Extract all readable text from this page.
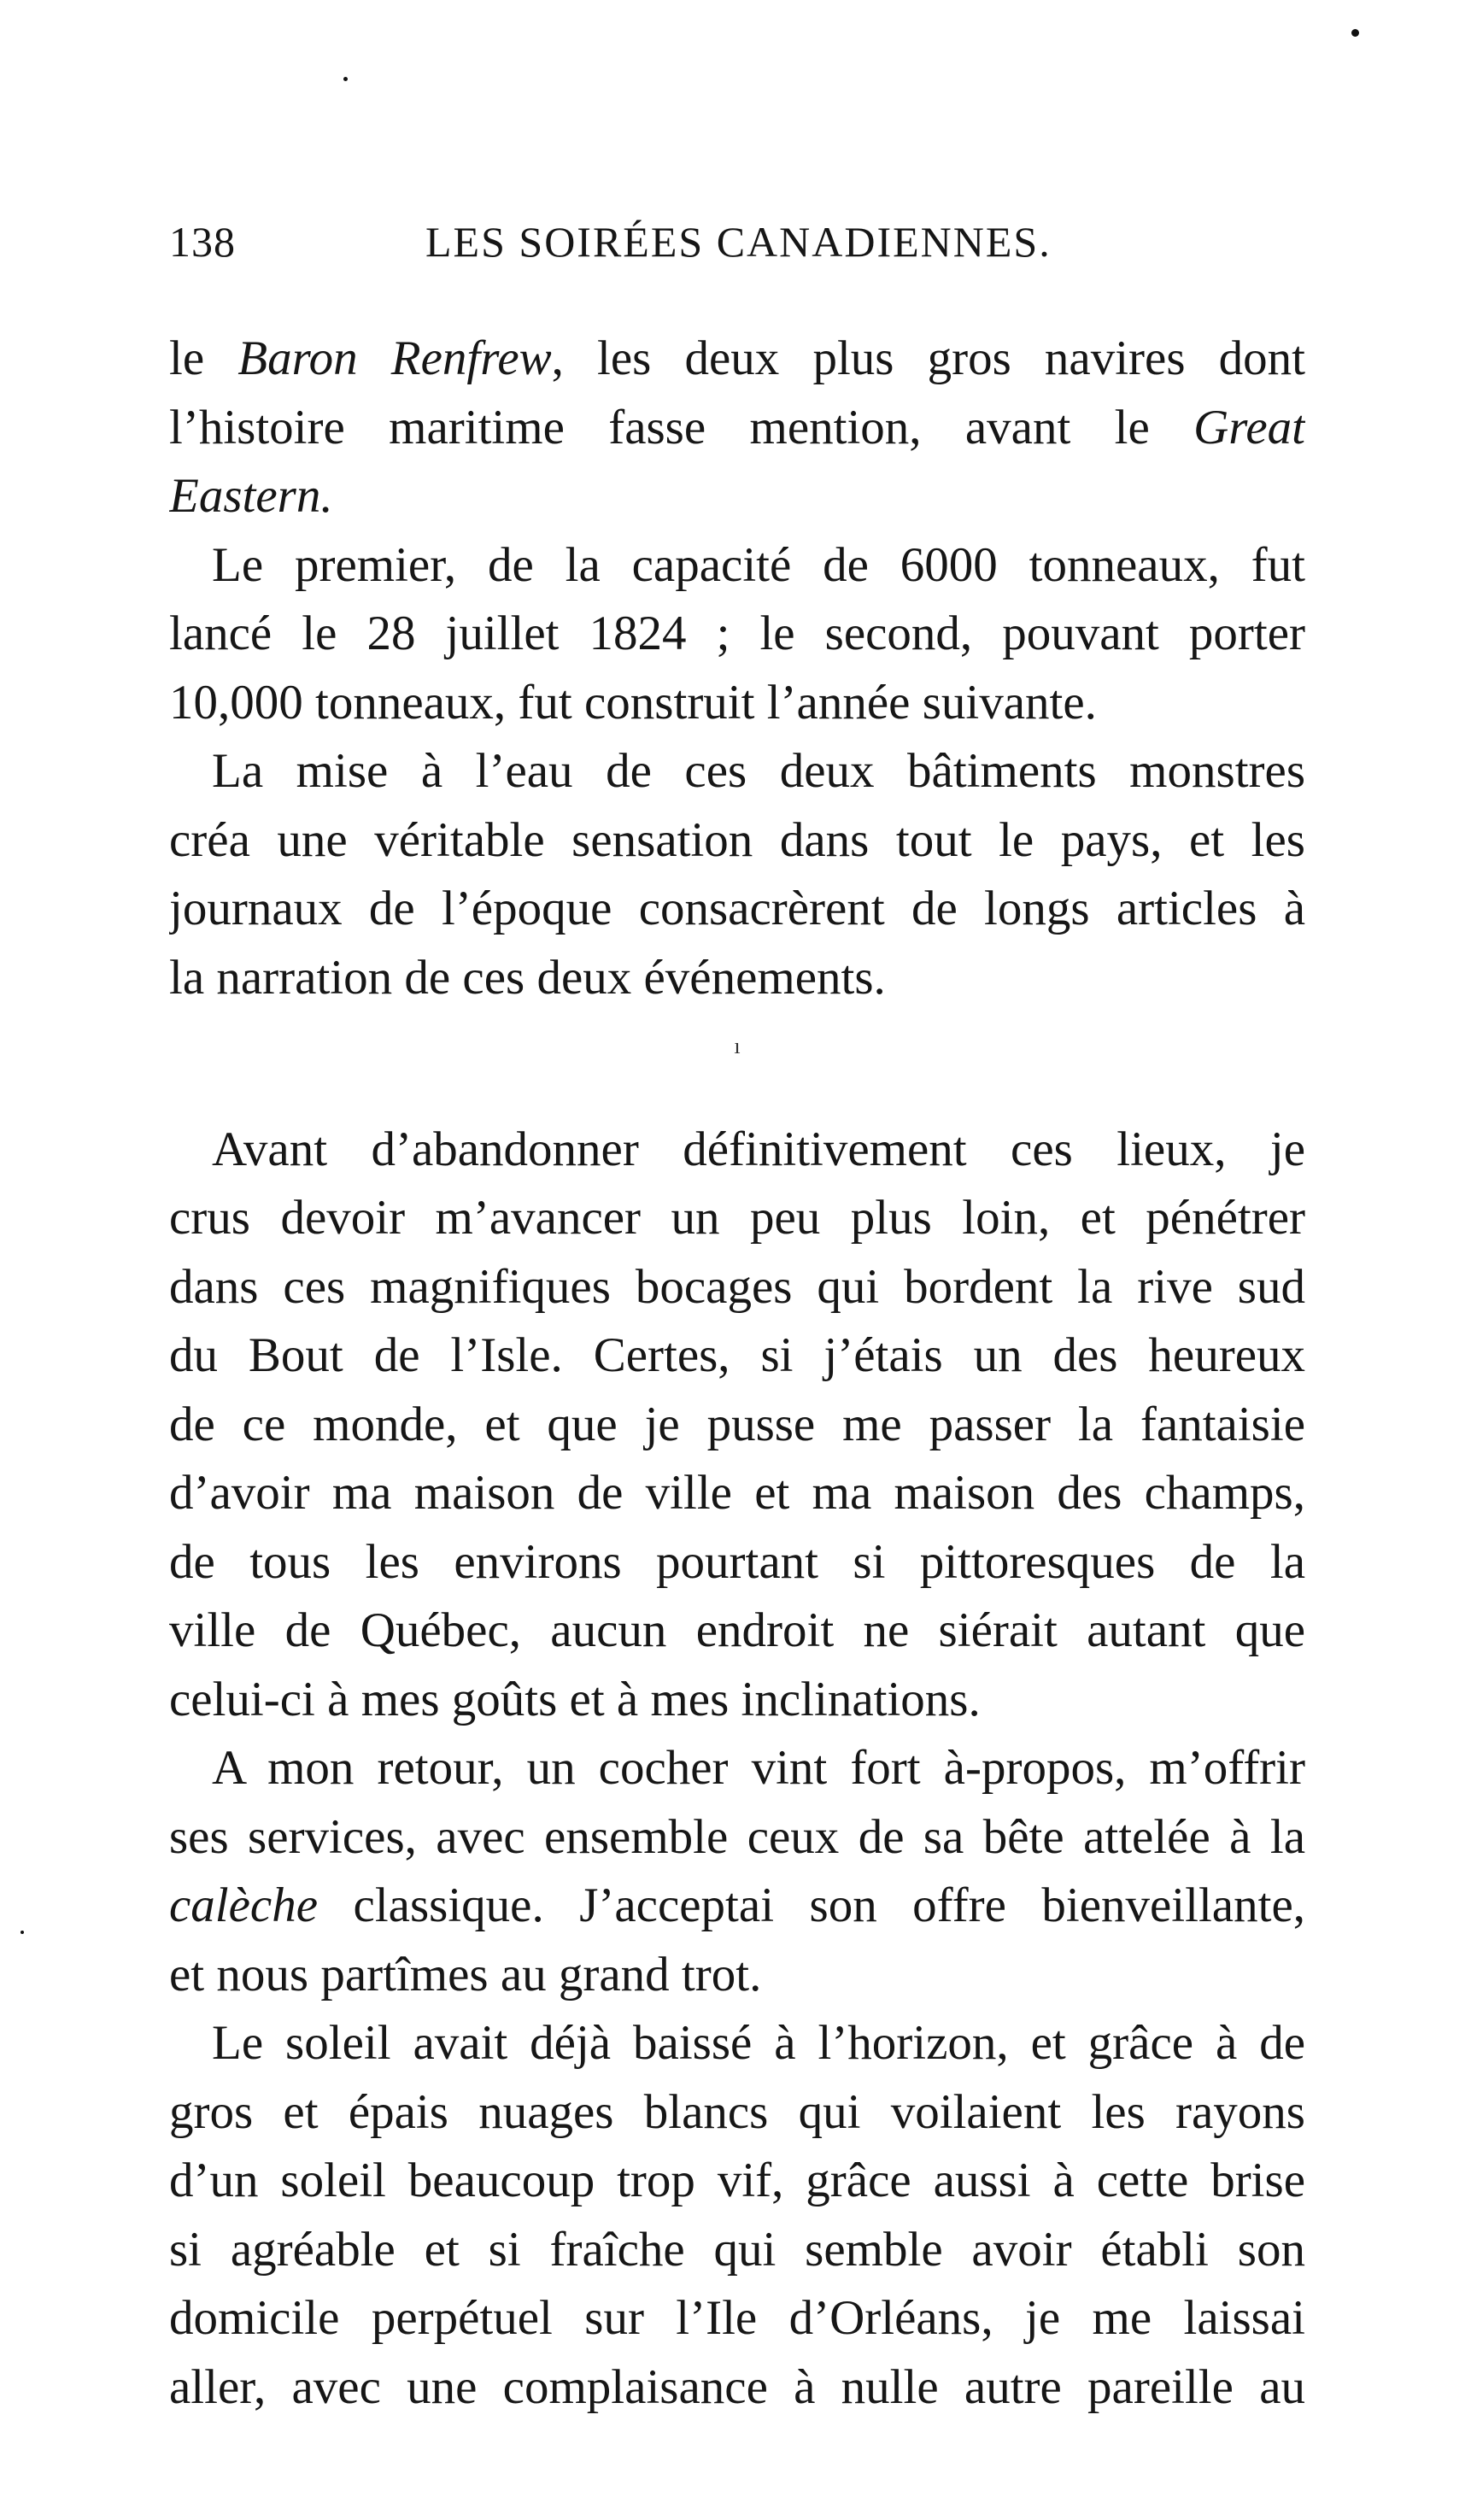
138	LES SOIRÉES CANADIENNES.
le Baron Renfrew, les deux plus gros navires dont
l’histoire maritime fasse mention, avant le Great
Eastern.
Le premier, de la capacité de 6000 tonneaux, fut
lancé le 28 juillet 1824 ; le second, pouvant porter
10,000 tonneaux, fut construit l’année suivante.
La mise à l’eau de ces deux bâtiments monstres
créa une véritable sensation dans tout le pays, et les
journaux de l’époque consacrèrent de longs articles à
la narration de ces deux événements.
ı
Avant d’abandonner définitivement ces lieux, je
crus devoir m’avancer un peu plus loin, et pénétrer
dans ces magnifiques bocages qui bordent la rive sud
du Bout de l’Isle. Certes, si j’étais un des heureux
de ce monde, et que je pusse me passer la fantaisie
d’avoir ma maison de ville et ma maison des champs,
de tous les environs pourtant si pittoresques de la
ville de Québec, aucun endroit ne siérait autant que
celui-ci à mes goûts et à mes inclinations.
A mon retour, un cocher vint fort à-propos, m’offrir
ses services, avec ensemble ceux de sa bête attelée à la
calèche classique. J’acceptai son offre bienveillante,
et nous partîmes au grand trot.
Le soleil avait déjà baissé à l’horizon, et grâce à de
gros et épais nuages blancs qui voilaient les rayons
d’un soleil beaucoup trop vif, grâce aussi à cette brise
si agréable et si fraîche qui semble avoir établi son
domicile perpétuel sur l’Ile d’Orléans, je me laissai
aller, avec une complaisance à nulle autre pareille au
